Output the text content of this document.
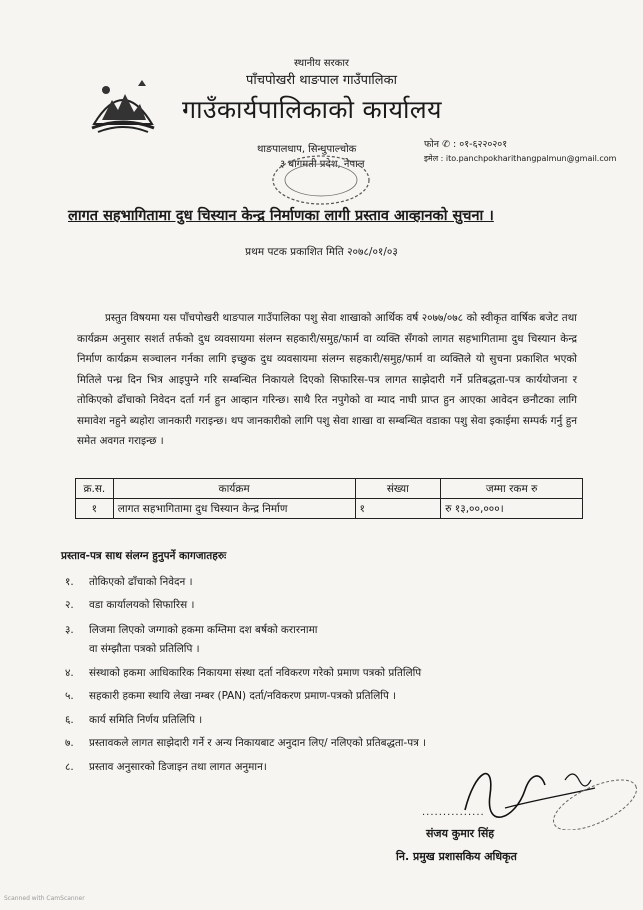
स्थानीय सरकार
पाँचपोखरी थाङपाल गाउँपालिका
गाउँकार्यपालिकाको कार्यालय
थाङपालधाप, सिन्धुपाल्चोक
३ बागमती प्रदेश, नेपाल
फोन ✆ : ०१-६२२०२०१
इमेल : ito.panchpokharithangpalmun@gmail.com
लागत सहभागितामा दुध चिस्यान केन्द्र निर्माणका लागी प्रस्ताव आव्हानको सुचना ।
प्रथम पटक प्रकाशित मिति २०७८/०१/०३

प्रस्तुत विषयमा यस पाँचपोखरी थाङपाल गाउँपालिका पशु सेवा शाखाको आर्थिक वर्ष २०७७/०७८ को स्वीकृत वार्षिक बजेट तथा कार्यक्रम अनुसार सशर्त तर्फको दुध व्यवसायमा संलग्न सहकारी/समुह/फार्म वा व्यक्ति सँगको लागत सहभागितामा दुध चिस्यान केन्द्र निर्माण कार्यक्रम सञ्चालन गर्नका लागि इच्छुक दुध व्यवसायमा संलग्न सहकारी/समुह/फार्म वा व्यक्तिले यो सुचना प्रकाशित भएको मितिले पन्ध्र दिन भित्र आइपुग्ने गरि सम्बन्धित निकायले दिएको सिफारिस-पत्र लागत साझेदारी गर्ने प्रतिबद्धता-पत्र कार्ययोजना र तोकिएको ढाँचाको निवेदन दर्ता गर्न हुन आव्हान गरिन्छ। साथै रित नपुगेको वा म्याद नाघी प्राप्त हुन आएका आवेदन छनौटका लागि समावेश नहुने ब्यहोरा जानकारी गराइन्छ। थप जानकारीको लागि पशु सेवा शाखा वा सम्बन्धित वडाका पशु सेवा इकाईमा सम्पर्क गर्नु हुन समेत अवगत गराइन्छ ।

क्र.स.	कार्यक्रम	संख्या	जम्मा रकम रु
१	लागत सहभागितामा दुध चिस्यान केन्द्र निर्माण	१	रु १३,००,०००।
प्रस्ताव-पत्र साथ संलग्न हुनुपर्ने कागजातहरुः
१.	तोकिएको ढाँचाको निवेदन ।
२.	वडा कार्यालयको सिफारिस ।
३.	लिजमा लिएको जग्गाको हकमा कम्तिमा दश बर्षको करारनामा
वा संम्झौता पत्रको प्रतिलिपि ।
४.	संस्थाको हकमा आधिकारिक निकायमा संस्था दर्ता नविकरण गरेको प्रमाण पत्रको प्रतिलिपि
५.	सहकारी हकमा स्थायि लेखा नम्बर (PAN) दर्ता/नविकरण प्रमाण-पत्रको प्रतिलिपि ।
६.	कार्य समिति निर्णय प्रतिलिपि ।
७.	प्रस्तावकले लागत साझेदारी गर्ने र अन्य निकायबाट अनुदान लिए/ नलिएको प्रतिबद्धता-पत्र ।
८.	प्रस्ताव अनुसारको डिजाइन तथा लागत अनुमान।
...............
संजय कुमार सिंह
नि. प्रमुख प्रशासकिय अधिकृत
Scanned with CamScanner
